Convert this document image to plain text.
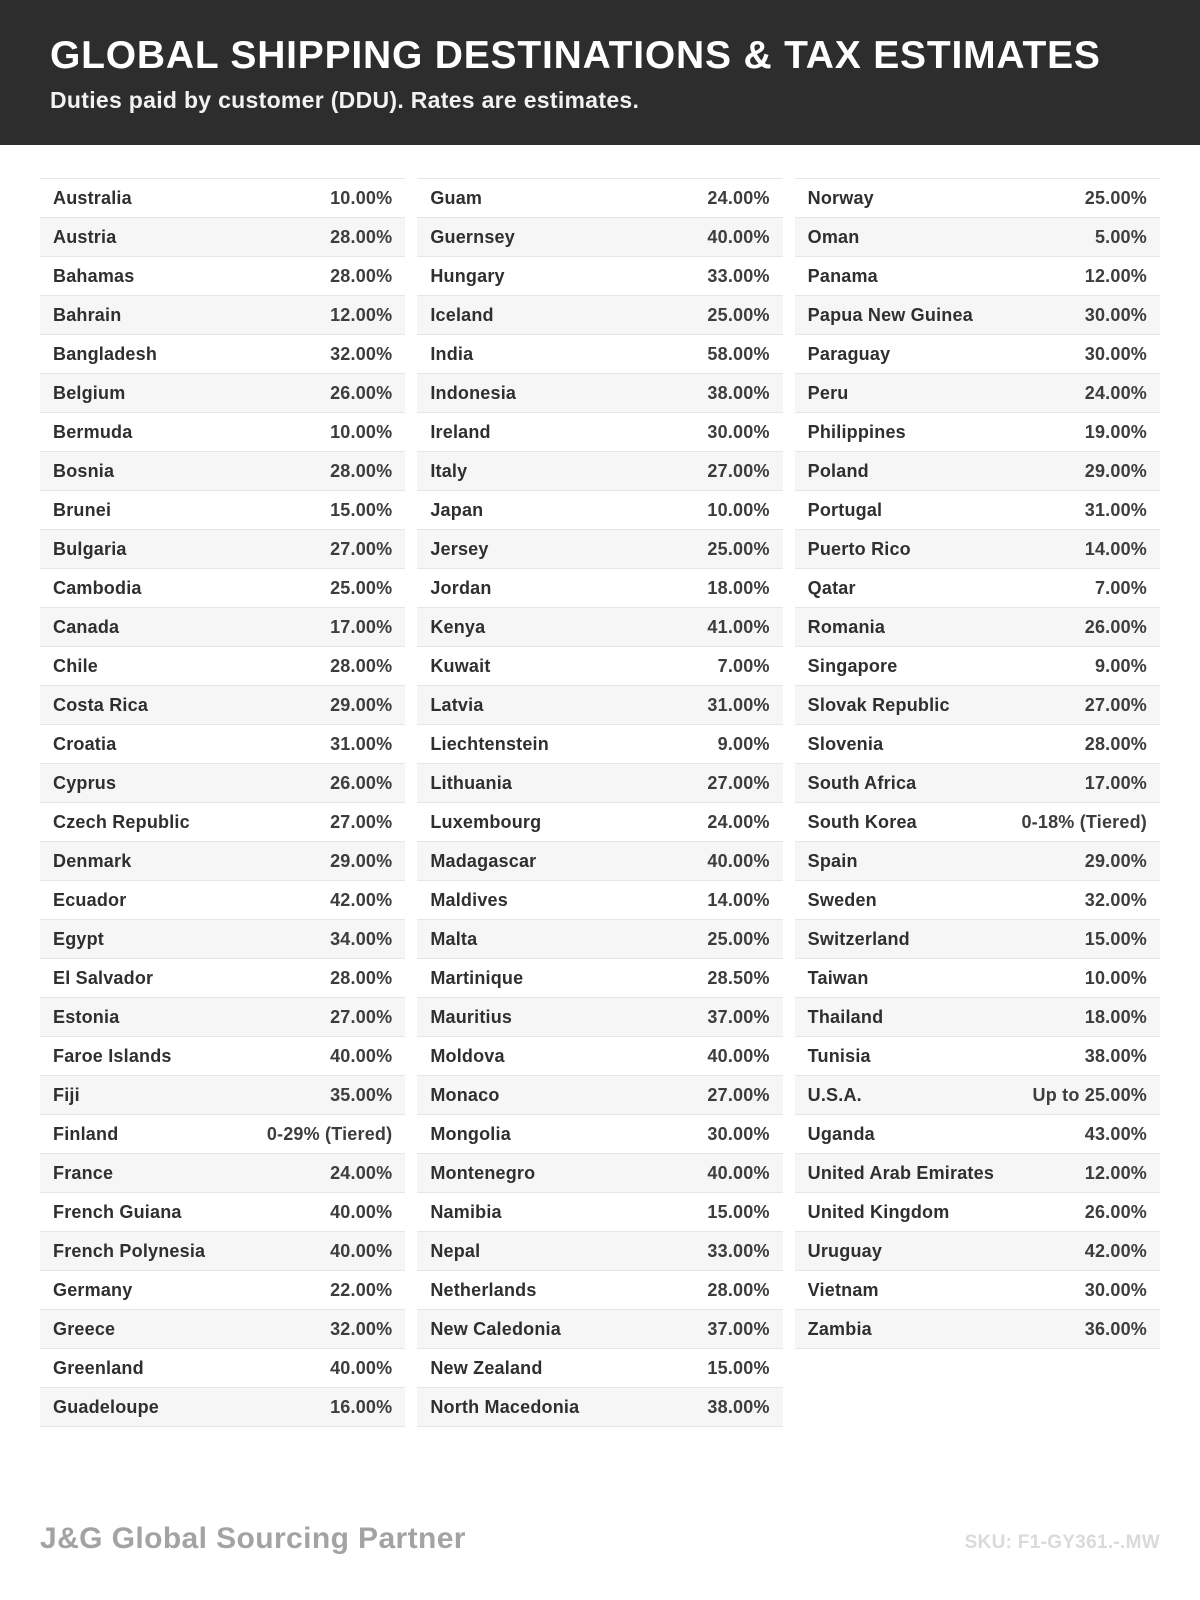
GLOBAL SHIPPING DESTINATIONS & TAX ESTIMATES
Duties paid by customer (DDU). Rates are estimates.
Australia	10.00%
Austria	28.00%
Bahamas	28.00%
Bahrain	12.00%
Bangladesh	32.00%
Belgium	26.00%
Bermuda	10.00%
Bosnia	28.00%
Brunei	15.00%
Bulgaria	27.00%
Cambodia	25.00%
Canada	17.00%
Chile	28.00%
Costa Rica	29.00%
Croatia	31.00%
Cyprus	26.00%
Czech Republic	27.00%
Denmark	29.00%
Ecuador	42.00%
Egypt	34.00%
El Salvador	28.00%
Estonia	27.00%
Faroe Islands	40.00%
Fiji	35.00%
Finland	0-29% (Tiered)
France	24.00%
French Guiana	40.00%
French Polynesia	40.00%
Germany	22.00%
Greece	32.00%
Greenland	40.00%
Guadeloupe	16.00%
Guam	24.00%
Guernsey	40.00%
Hungary	33.00%
Iceland	25.00%
India	58.00%
Indonesia	38.00%
Ireland	30.00%
Italy	27.00%
Japan	10.00%
Jersey	25.00%
Jordan	18.00%
Kenya	41.00%
Kuwait	7.00%
Latvia	31.00%
Liechtenstein	9.00%
Lithuania	27.00%
Luxembourg	24.00%
Madagascar	40.00%
Maldives	14.00%
Malta	25.00%
Martinique	28.50%
Mauritius	37.00%
Moldova	40.00%
Monaco	27.00%
Mongolia	30.00%
Montenegro	40.00%
Namibia	15.00%
Nepal	33.00%
Netherlands	28.00%
New Caledonia	37.00%
New Zealand	15.00%
North Macedonia	38.00%
Norway	25.00%
Oman	5.00%
Panama	12.00%
Papua New Guinea	30.00%
Paraguay	30.00%
Peru	24.00%
Philippines	19.00%
Poland	29.00%
Portugal	31.00%
Puerto Rico	14.00%
Qatar	7.00%
Romania	26.00%
Singapore	9.00%
Slovak Republic	27.00%
Slovenia	28.00%
South Africa	17.00%
South Korea	0-18% (Tiered)
Spain	29.00%
Sweden	32.00%
Switzerland	15.00%
Taiwan	10.00%
Thailand	18.00%
Tunisia	38.00%
U.S.A.	Up to 25.00%
Uganda	43.00%
United Arab Emirates	12.00%
United Kingdom	26.00%
Uruguay	42.00%
Vietnam	30.00%
Zambia	36.00%
J&G Global Sourcing Partner	SKU: F1-GY361.-.MW
